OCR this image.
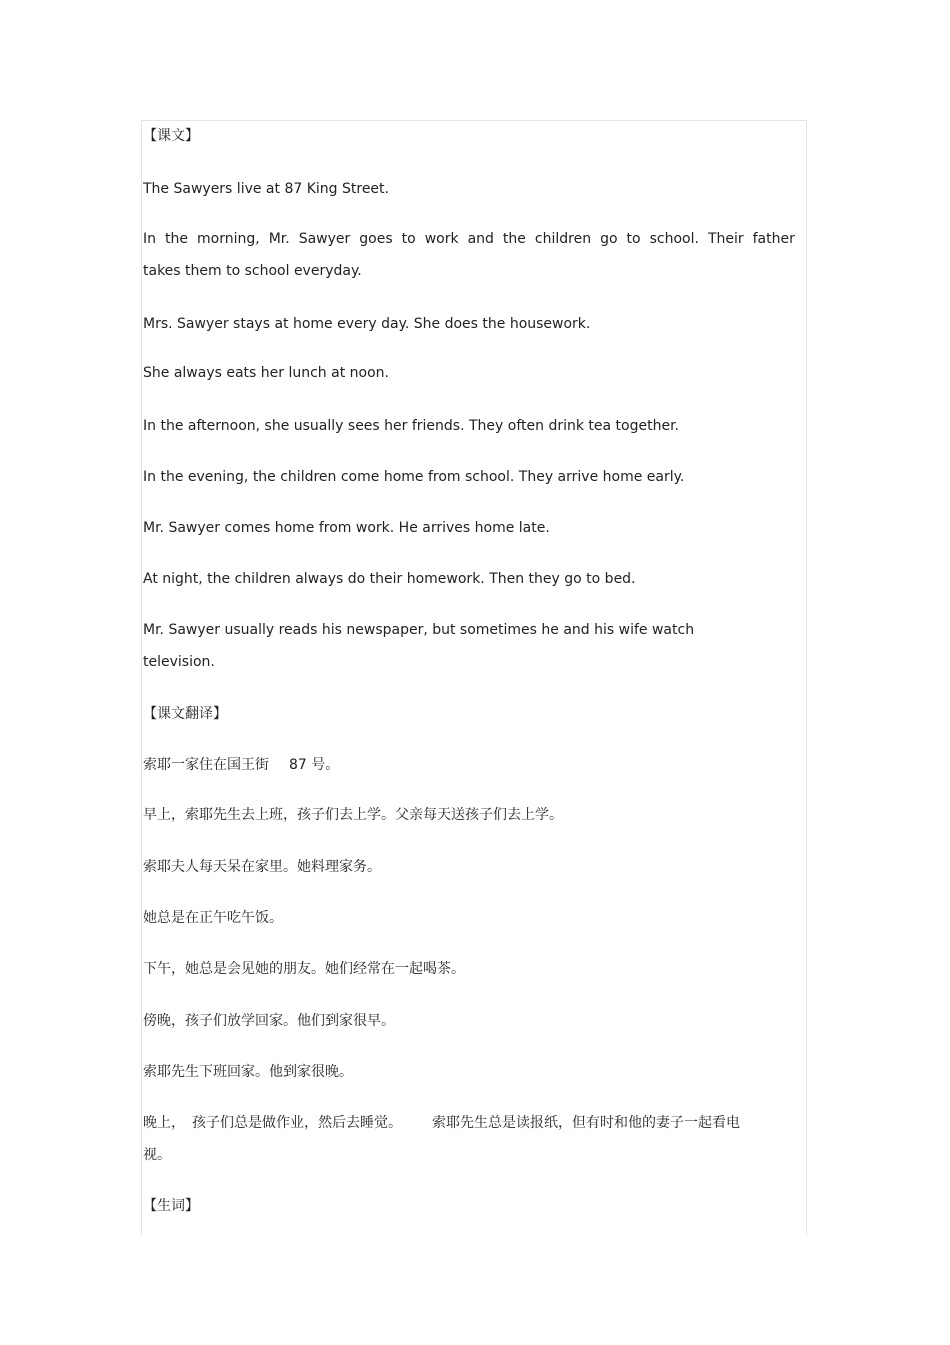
【课文】

The Sawyers live at 87 King Street.

In the morning, Mr. Sawyer goes to work and the children go to school. Their father

takes them to school everyday.

Mrs. Sawyer stays at home every day. She does the housework.

She always eats her lunch at noon.

In the afternoon, she usually sees her friends. They often drink tea together.

In the evening, the children come home from school. They arrive home early.

Mr. Sawyer comes home from work. He arrives home late.

At night, the children always do their homework. Then they go to bed.

Mr. Sawyer usually reads his newspaper, but sometimes he and his wife watch

television.

【课文翻译】

索耶一家住在国王街 87 号。

早上，索耶先生去上班，孩子们去上学。父亲每天送孩子们去上学。

索耶夫人每天呆在家里。她料理家务。

她总是在正午吃午饭。

下午，她总是会见她的朋友。她们经常在一起喝茶。

傍晚，孩子们放学回家。他们到家很早。

索耶先生下班回家。他到家很晚。

晚上， 孩子们总是做作业，然后去睡觉。 索耶先生总是读报纸，但有时和他的妻子一起看电

视。

【生词】
